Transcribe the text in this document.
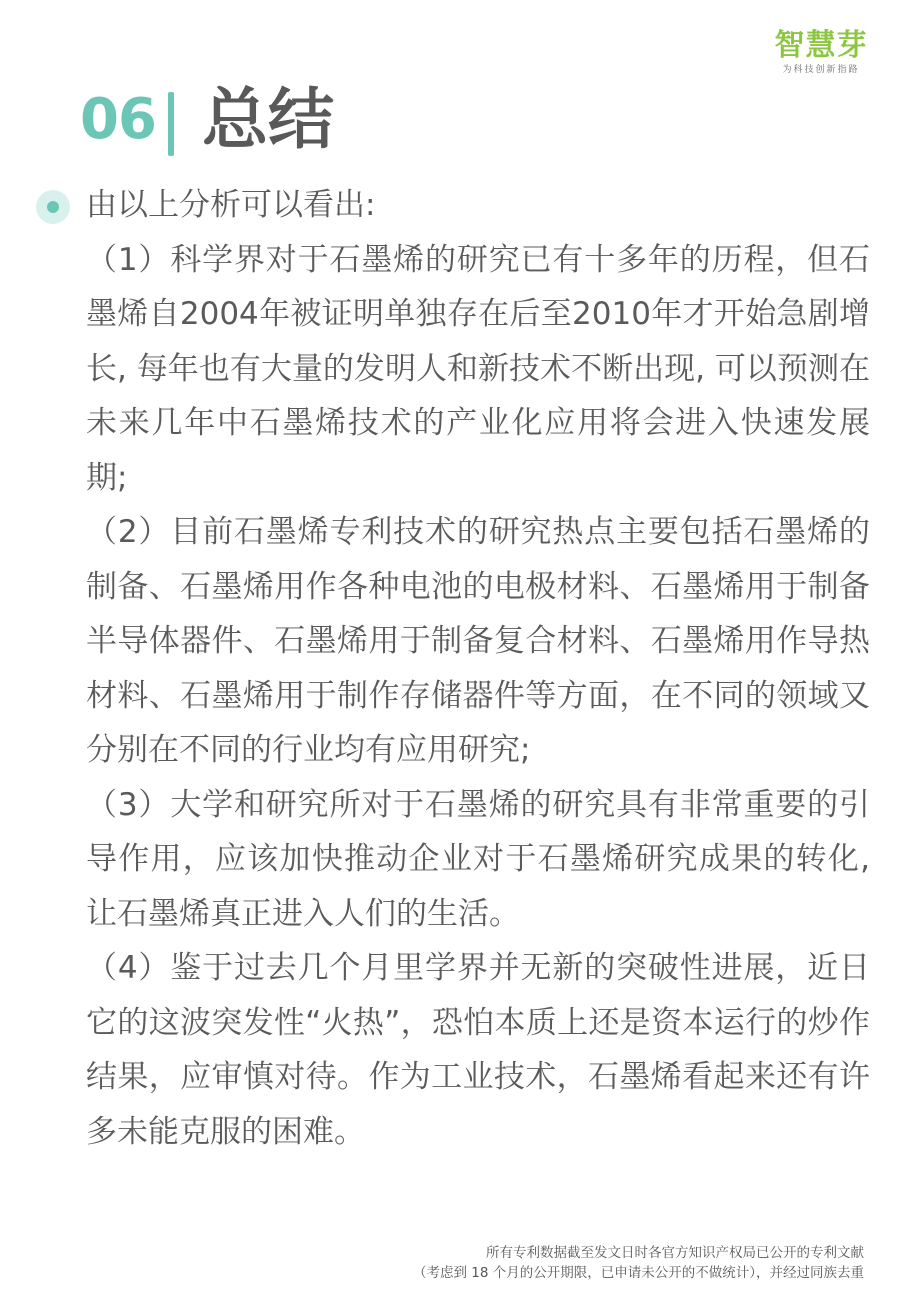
智慧芽
为科技创新指路
06 总结

由以上分析可以看出:

（1）科学界对于石墨烯的研究已有十多年的历程，但石墨烯自2004年被证明单独存在后至2010年才开始急剧增长, 每年也有大量的发明人和新技术不断出现, 可以预测在未来几年中石墨烯技术的产业化应用将会进入快速发展期;

（2）目前石墨烯专利技术的研究热点主要包括石墨烯的制备、石墨烯用作各种电池的电极材料、石墨烯用于制备半导体器件、石墨烯用于制备复合材料、石墨烯用作导热材料、石墨烯用于制作存储器件等方面，在不同的领域又分别在不同的行业均有应用研究;

（3）大学和研究所对于石墨烯的研究具有非常重要的引导作用，应该加快推动企业对于石墨烯研究成果的转化, 让石墨烯真正进入人们的生活。

（4）鉴于过去几个月里学界并无新的突破性进展，近日它的这波突发性“火热”，恐怕本质上还是资本运行的炒作结果，应审慎对待。作为工业技术，石墨烯看起来还有许多未能克服的困难。

所有专利数据截至发文日时各官方知识产权局已公开的专利文献
（考虑到 18 个月的公开期限，已申请未公开的不做统计），并经过同族去重
